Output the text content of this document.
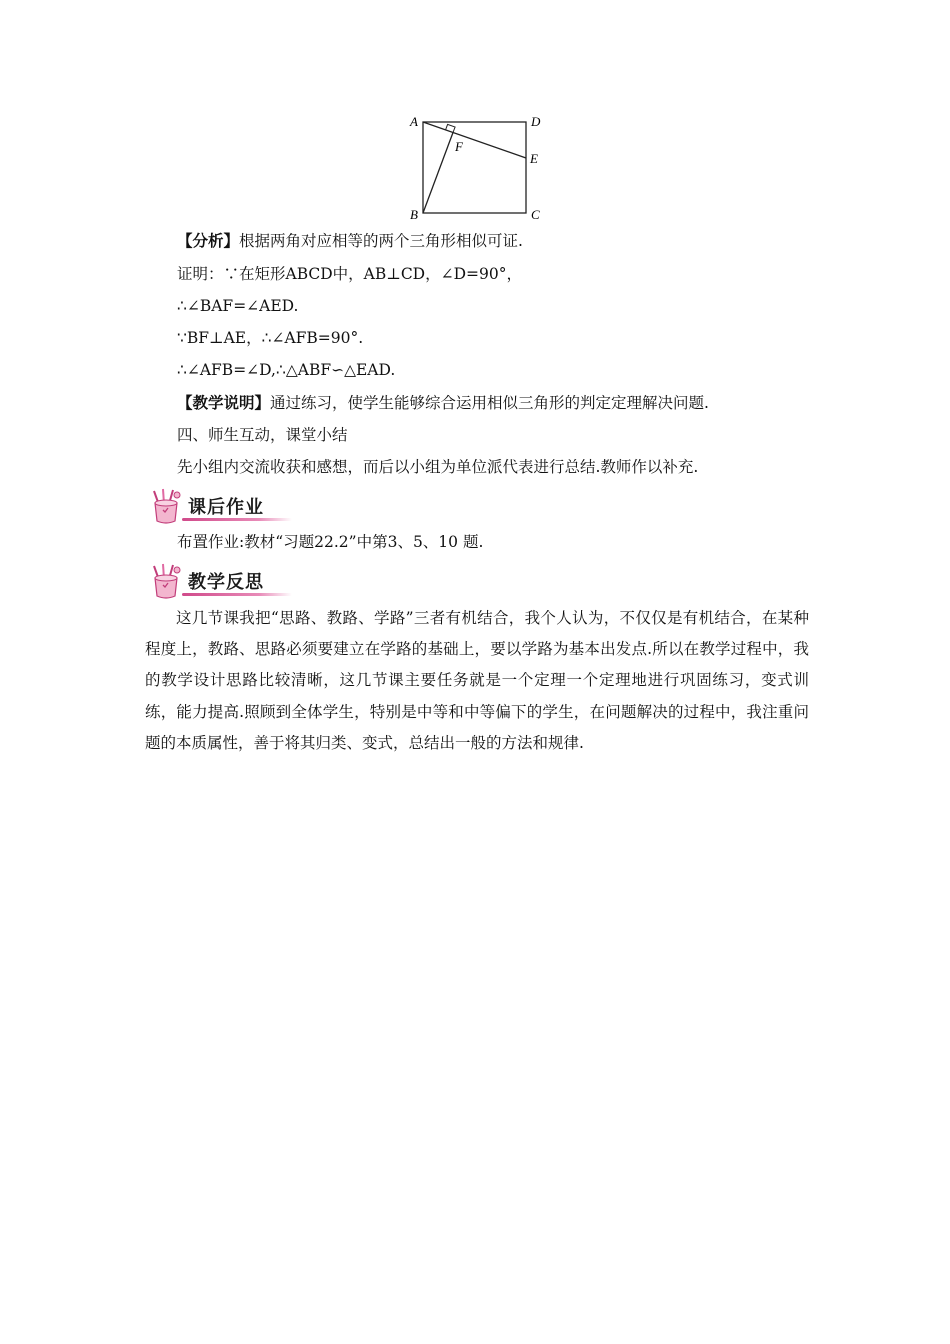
A	D
F
E
B	C
【分析】根据两角对应相等的两个三角形相似可证.
证明：∵在矩形ABCD中，AB⊥CD，∠D=90°，
∴∠BAF=∠AED.
∵BF⊥AE，∴∠AFB=90°.
∴∠AFB=∠D,∴△ABF∽△EAD.
【教学说明】通过练习，使学生能够综合运用相似三角形的判定定理解决问题.
四、师生互动，课堂小结
先小组内交流收获和感想，而后以小组为单位派代表进行总结.教师作以补充.
课后作业
布置作业:教材“习题22.2”中第3、5、10 题.
教学反思
这几节课我把“思路、教路、学路”三者有机结合，我个人认为，不仅仅是有机结合，在某种程度上，教路、思路必须要建立在学路的基础上，要以学路为基本出发点.所以在教学过程中，我的教学设计思路比较清晰，这几节课主要任务就是一个定理一个定理地进行巩固练习，变式训练，能力提高.照顾到全体学生，特别是中等和中等偏下的学生，在问题解决的过程中，我注重问题的本质属性，善于将其归类、变式，总结出一般的方法和规律.
